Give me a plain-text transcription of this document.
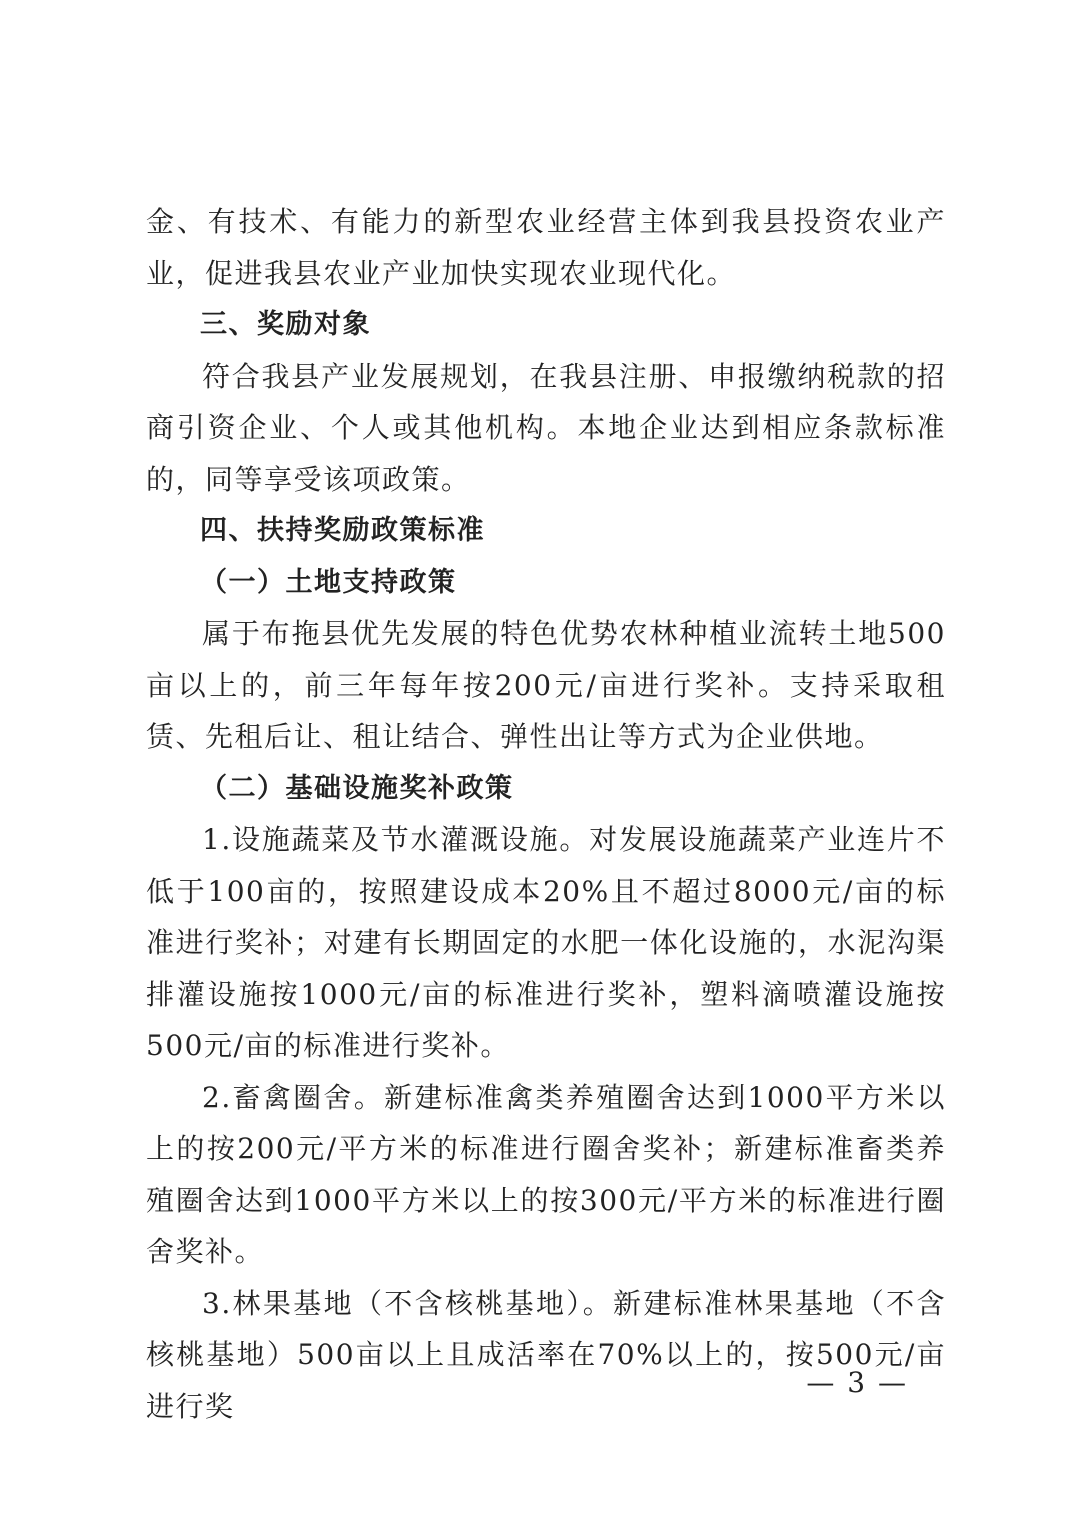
金、有技术、有能力的新型农业经营主体到我县投资农业产业，促进我县农业产业加快实现农业现代化。

三、奖励对象

符合我县产业发展规划，在我县注册、申报缴纳税款的招商引资企业、个人或其他机构。本地企业达到相应条款标准的，同等享受该项政策。

四、扶持奖励政策标准

（一）土地支持政策

属于布拖县优先发展的特色优势农林种植业流转土地500亩以上的，前三年每年按200元/亩进行奖补。支持采取租赁、先租后让、租让结合、弹性出让等方式为企业供地。

（二）基础设施奖补政策

1.设施蔬菜及节水灌溉设施。对发展设施蔬菜产业连片不低于100亩的，按照建设成本20%且不超过8000元/亩的标准进行奖补；对建有长期固定的水肥一体化设施的，水泥沟渠排灌设施按1000元/亩的标准进行奖补，塑料滴喷灌设施按500元/亩的标准进行奖补。

2.畜禽圈舍。新建标准禽类养殖圈舍达到1000平方米以上的按200元/平方米的标准进行圈舍奖补；新建标准畜类养殖圈舍达到1000平方米以上的按300元/平方米的标准进行圈舍奖补。

3.林果基地（不含核桃基地）。新建标准林果基地（不含核桃基地）500亩以上且成活率在70%以上的，按500元/亩进行奖

— 3 —
